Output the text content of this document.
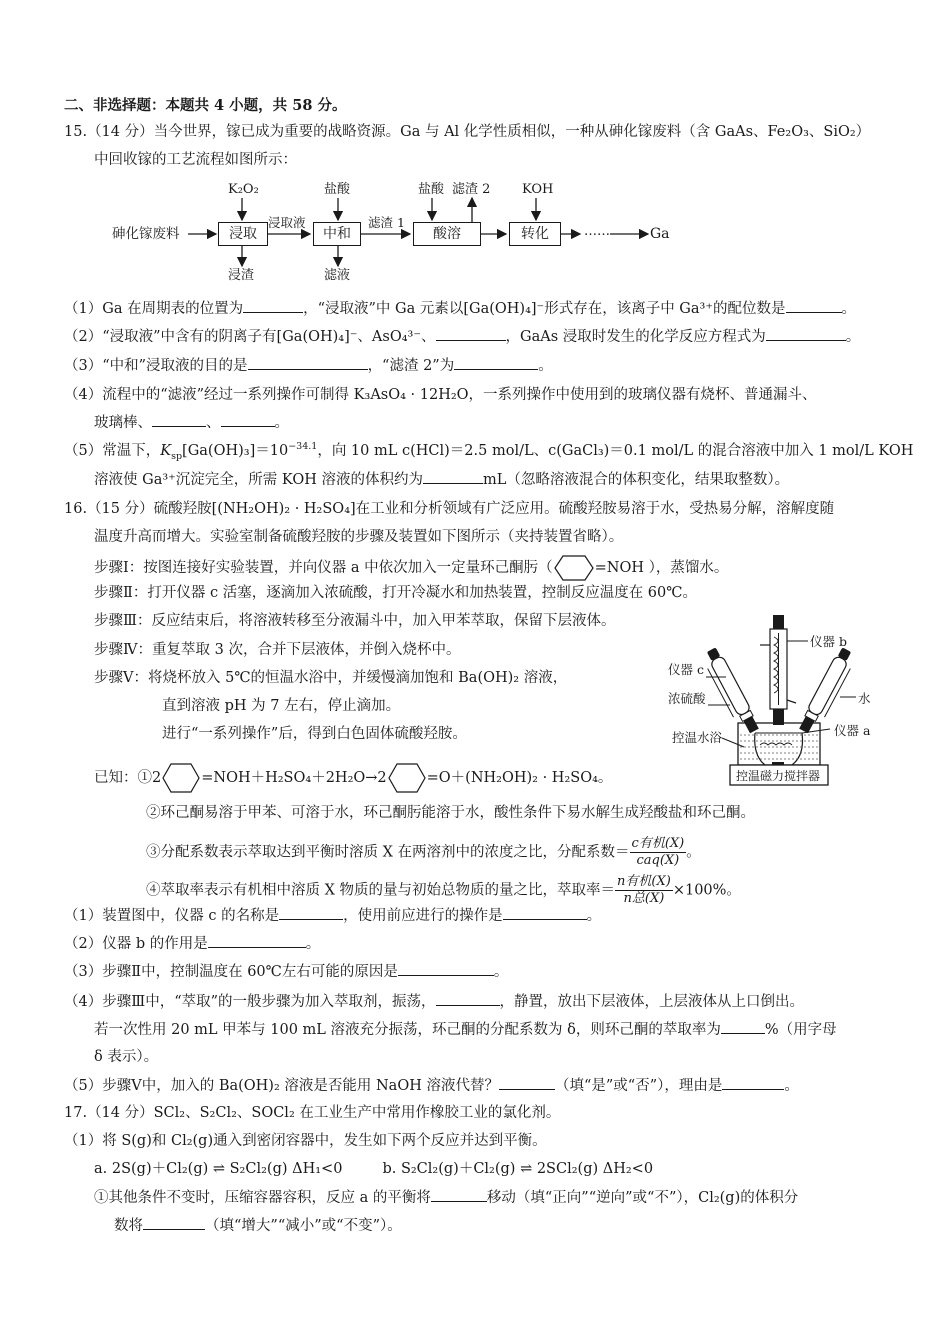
二、非选择题：本题共 4 小题，共 58 分。
15.（14 分）当今世界，镓已成为重要的战略资源。Ga 与 Al 化学性质相似，一种从砷化镓废料（含 GaAs、Fe₂O₃、SiO₂）
中回收镓的工艺流程如图所示：
砷化镓废料	浸取	中和	酸溶	转化
K₂O₂	盐酸	盐酸	KOH
滤渣 2
浸取液	滤渣 1
浸渣	滤液
……	Ga
（1）Ga 在周期表的位置为	，“浸取液”中 Ga 元素以[Ga(OH)₄]⁻形式存在，该离子中 Ga³⁺的配位数是	。
（2）“浸取液”中含有的阴离子有[Ga(OH)₄]⁻、AsO₄³⁻、	，GaAs 浸取时发生的化学反应方程式为	。
（3）“中和”浸取液的目的是	，“滤渣 2”为	。
（4）流程中的“滤液”经过一系列操作可制得 K₃AsO₄ · 12H₂O，一系列操作中使用到的玻璃仪器有烧杯、普通漏斗、
玻璃棒、	、	。
（5）常温下，$K_{sp}[Ga(OH)_3]=10^{-34.1}$，向 10 mL c(HCl)＝2.5 mol/L、c(GaCl₃)＝0.1 mol/L 的混合溶液中加入 1 mol/L KOH
溶液使 Ga³⁺沉淀完全，所需 KOH 溶液的体积约为	mL（忽略溶液混合的体积变化，结果取整数）。
16.（15 分）硫酸羟胺[(NH₂OH)₂ · H₂SO₄]在工业和分析领域有广泛应用。硫酸羟胺易溶于水，受热易分解，溶解度随
温度升高而增大。实验室制备硫酸羟胺的步骤及装置如下图所示（夹持装置省略）。
步骤Ⅰ：按图连接好实验装置，并向仪器 a 中依次加入一定量环己酮肟（	=NOH ），蒸馏水。
步骤Ⅱ：打开仪器 c 活塞，逐滴加入浓硫酸，打开冷凝水和加热装置，控制反应温度在 60℃。
步骤Ⅲ：反应结束后，将溶液转移至分液漏斗中，加入甲苯萃取，保留下层液体。
步骤Ⅳ：重复萃取 3 次，合并下层液体，并倒入烧杯中。
步骤Ⅴ：将烧杯放入 5℃的恒温水浴中，并缓慢滴加饱和 Ba(OH)₂ 溶液，
直到溶液 pH 为 7 左右，停止滴加。
进行“一系列操作”后，得到白色固体硫酸羟胺。
仪器 b
仪器 c
浓硫酸	水
仪器 a
控温水浴
控温磁力搅拌器
已知：①2	=NOH＋H₂SO₄＋2H₂O→2	=O＋(NH₂OH)₂ · H₂SO₄。
②环己酮易溶于甲苯、可溶于水，环己酮肟能溶于水，酸性条件下易水解生成羟酸盐和环己酮。
③分配系数表示萃取达到平衡时溶质 X 在两溶剂中的浓度之比，分配系数＝ $\frac{\text{c有机(X)}}{\text{caq(X)}}$ 。
④萃取率表示有机相中溶质 X 物质的量与初始总物质的量之比，萃取率＝ $\frac{\text{n有机(X)}}{\text{n总(X)}} \times 100\%$。
（1）装置图中，仪器 c 的名称是	，使用前应进行的操作是	。
（2）仪器 b 的作用是	。
（3）步骤Ⅱ中，控制温度在 60℃左右可能的原因是	。
（4）步骤Ⅲ中，“萃取”的一般步骤为加入萃取剂，振荡，	，静置，放出下层液体，上层液体从上口倒出。
若一次性用 20 mL 甲苯与 100 mL 溶液充分振荡，环己酮的分配系数为 δ，则环己酮的萃取率为	%（用字母
δ 表示）。
（5）步骤Ⅴ中，加入的 Ba(OH)₂ 溶液是否能用 NaOH 溶液代替？	（填“是”或“否”），理由是	。
17.（14 分）SCl₂、S₂Cl₂、SOCl₂ 在工业生产中常用作橡胶工业的氯化剂。
（1）将 S(g)和 Cl₂(g)通入到密闭容器中，发生如下两个反应并达到平衡。
a. 2S(g)＋Cl₂(g) ⇌ S₂Cl₂(g) ΔH₁<0	b. S₂Cl₂(g)＋Cl₂(g) ⇌ 2SCl₂(g) ΔH₂<0
①其他条件不变时，压缩容器容积，反应 a 的平衡将	移动（填“正向”“逆向”或“不”），Cl₂(g)的体积分
数将	（填“增大”“减小”或“不变”）。
